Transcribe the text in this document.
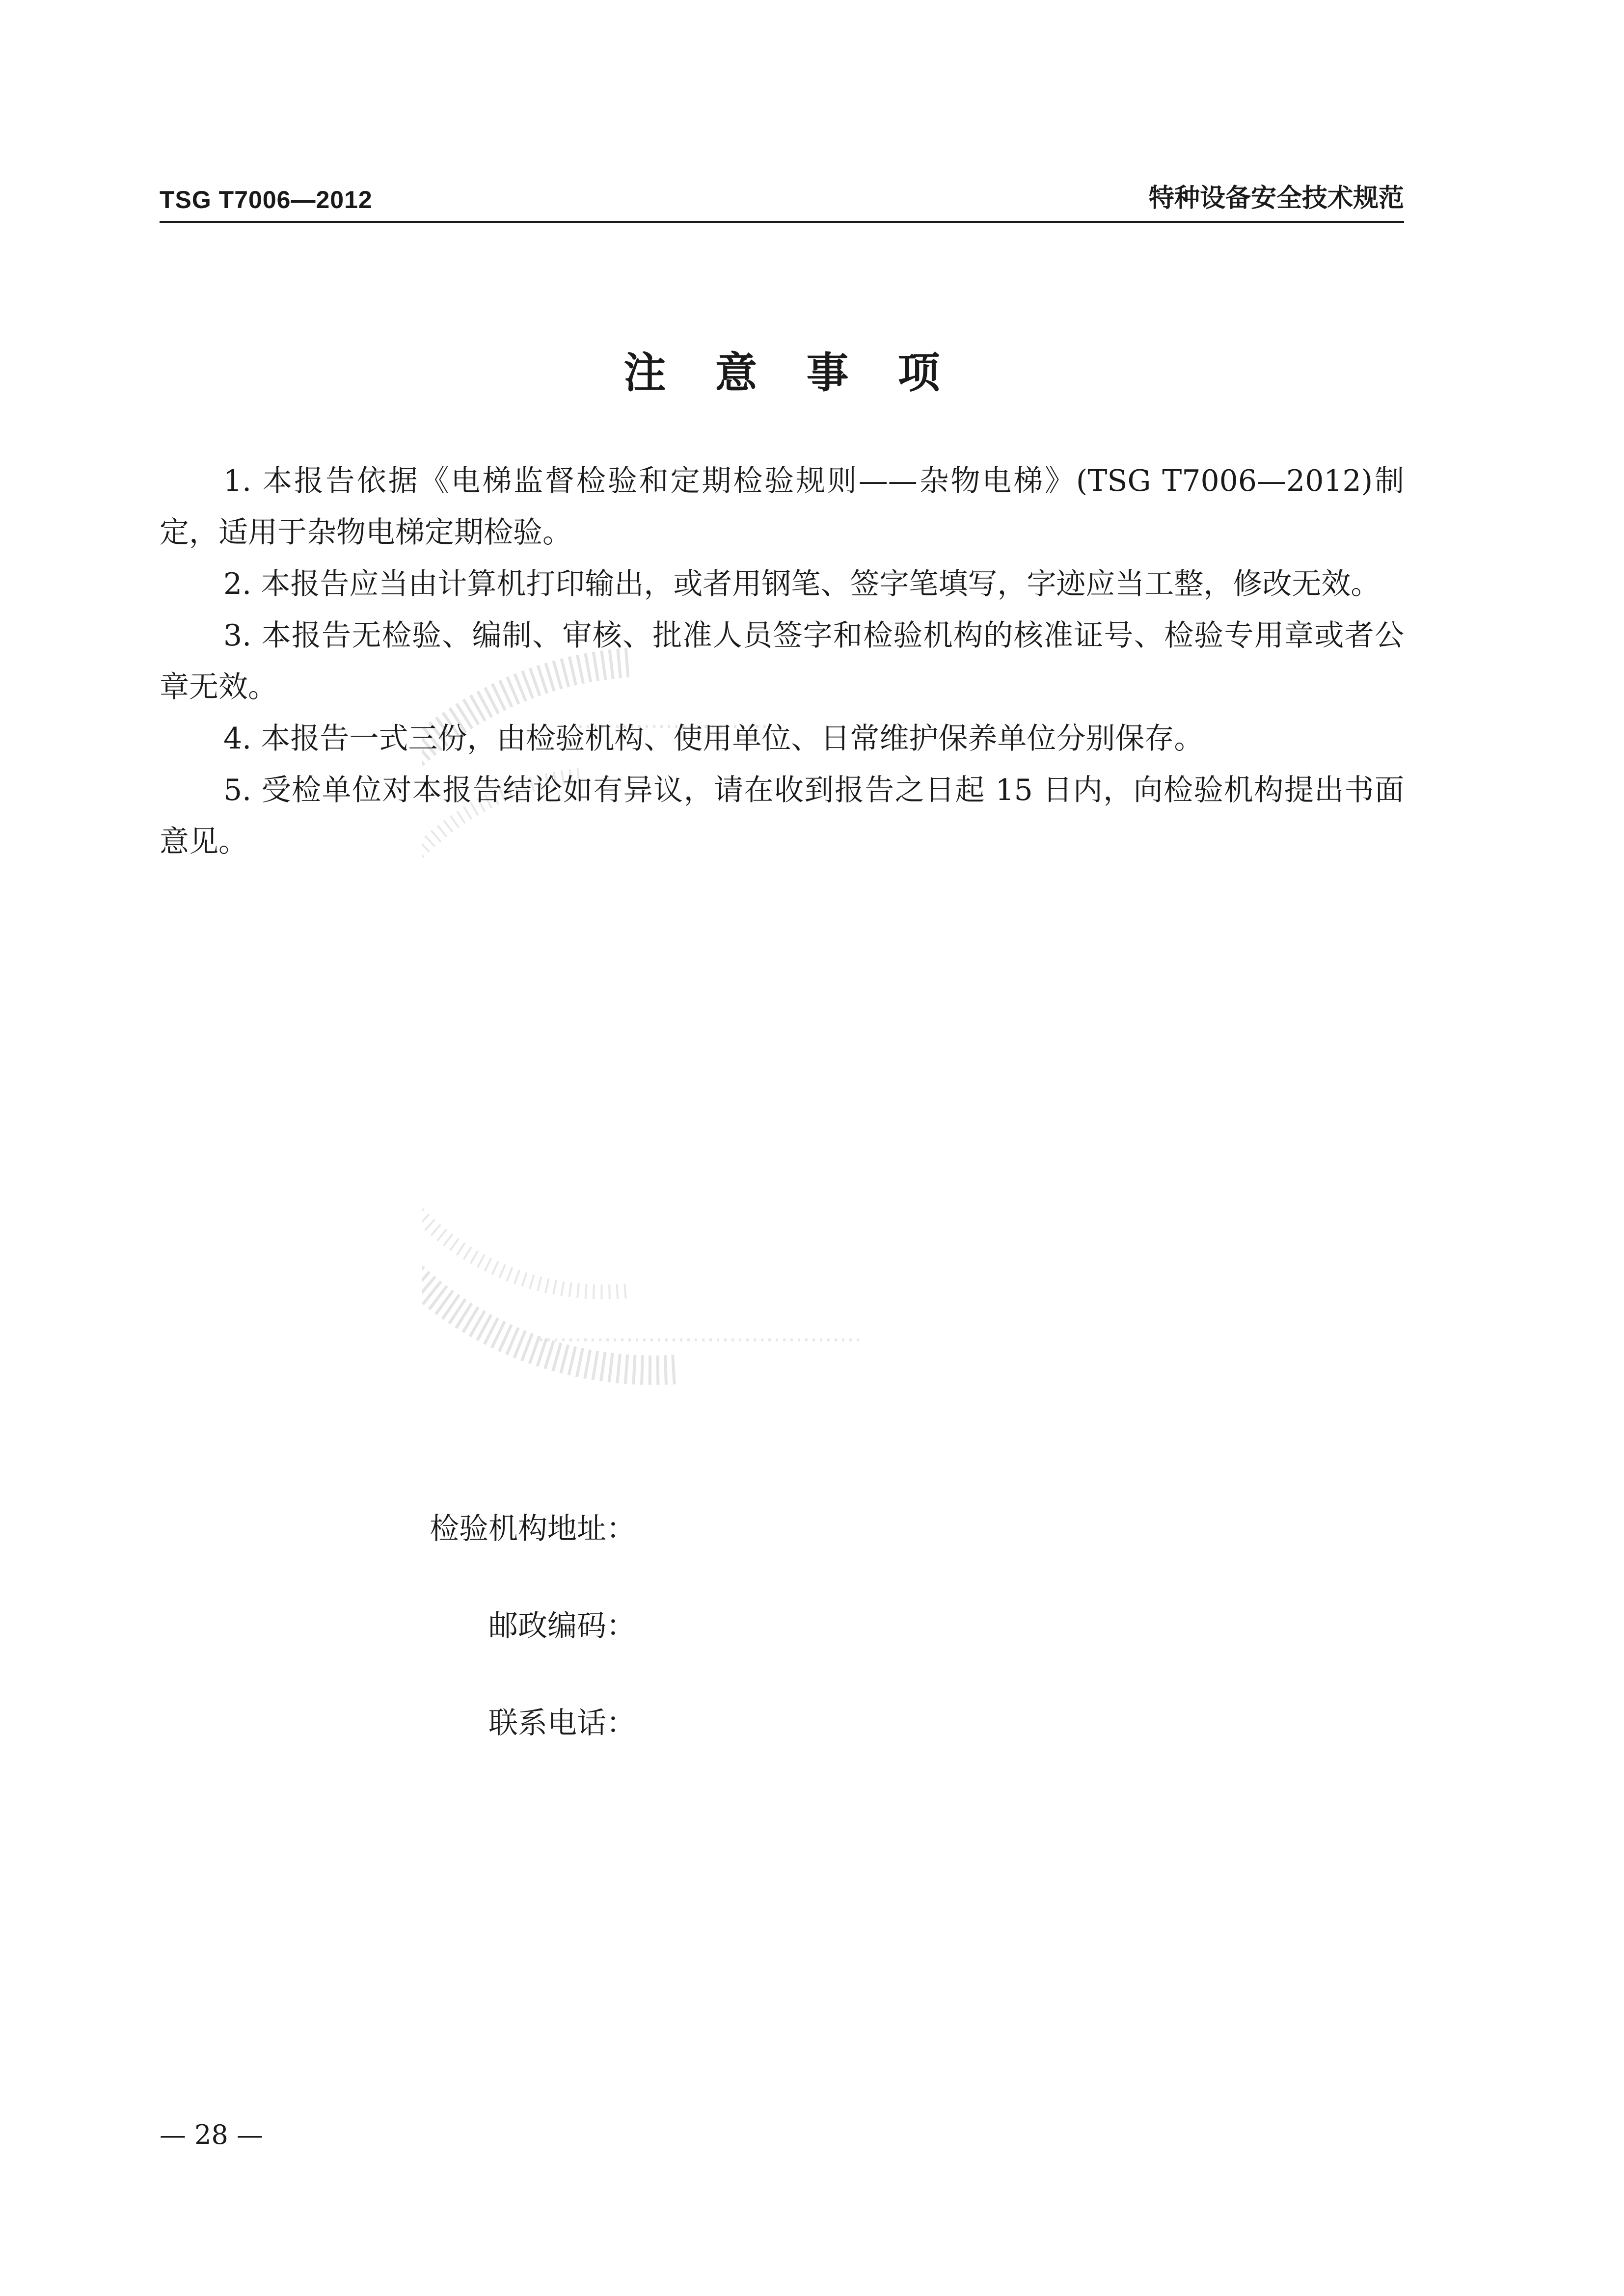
TSG T7006—2012	特种设备安全技术规范
注意事项

1. 本报告依据《电梯监督检验和定期检验规则——杂物电梯》(TSG T7006—2012)制定，适用于杂物电梯定期检验。

2. 本报告应当由计算机打印输出，或者用钢笔、签字笔填写，字迹应当工整，修改无效。

3. 本报告无检验、编制、审核、批准人员签字和检验机构的核准证号、检验专用章或者公章无效。

4. 本报告一式三份，由检验机构、使用单位、日常维护保养单位分别保存。

5. 受检单位对本报告结论如有异议，请在收到报告之日起 15 日内，向检验机构提出书面意见。

检验机构地址：
邮政编码：
联系电话：
— 28 —
